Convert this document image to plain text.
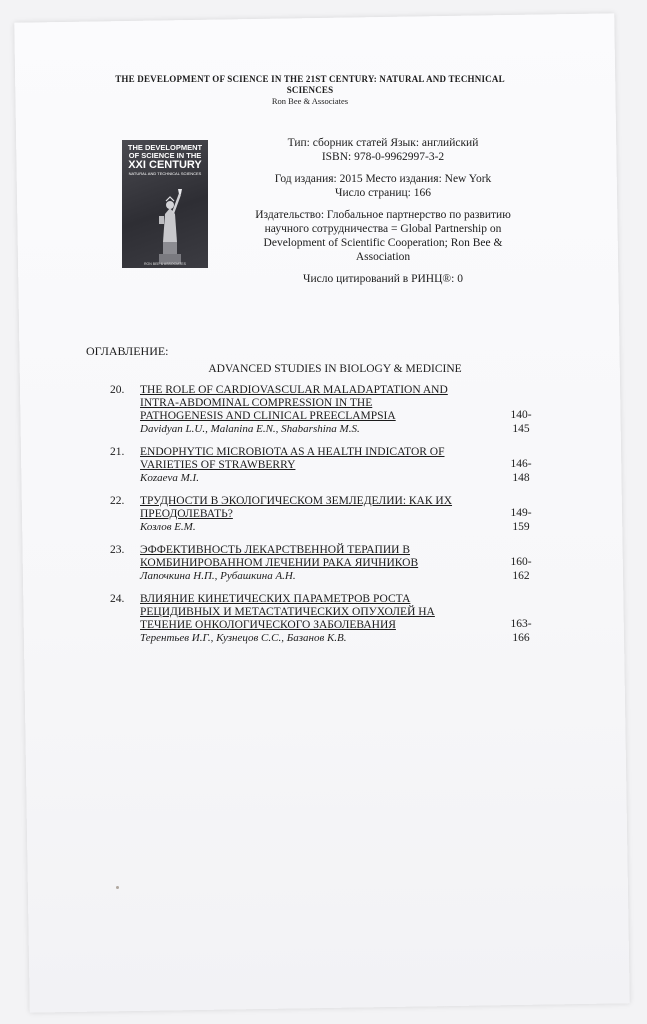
THE DEVELOPMENT OF SCIENCE IN THE 21ST CENTURY: NATURAL AND TECHNICAL
SCIENCES
Ron Bee & Associates
THE DEVELOPMENT
OF SCIENCE IN THE
XXI CENTURY
NATURAL AND TECHNICAL SCIENCES
RON BEE & ASSOCIATES
Тип: сборник статей Язык: английский
ISBN: 978-0-9962997-3-2
Год издания: 2015 Место издания: New York
Число страниц: 166
Издательство: Глобальное партнерство по развитию
научного сотрудничества = Global Partnership on
Development of Scientific Cooperation; Ron Bee &
Association
Число цитирований в РИНЦ®: 0
ОГЛАВЛЕНИЕ:
ADVANCED STUDIES IN BIOLOGY & MEDICINE
20. THE ROLE OF CARDIOVASCULAR MALADAPTATION AND
INTRA-ABDOMINAL COMPRESSION IN THE
PATHOGENESIS AND CLINICAL PREECLAMPSIA
Davidyan L.U., Malanina E.N., Shabarshina M.S.
140-
145
21. ENDOPHYTIC MICROBIOTA AS A HEALTH INDICATOR OF
VARIETIES OF STRAWBERRY
Kozaeva M.I.
146-
148
22. ТРУДНОСТИ В ЭКОЛОГИЧЕСКОМ ЗЕМЛЕДЕЛИИ: КАК ИХ
ПРЕОДОЛЕВАТЬ?
Козлов Е.М.
149-
159
23. ЭФФЕКТИВНОСТЬ ЛЕКАРСТВЕННОЙ ТЕРАПИИ В
КОМБИНИРОВАННОМ ЛЕЧЕНИИ РАКА ЯИЧНИКОВ
Лапочкина Н.П., Рубашкина А.Н.
160-
162
24. ВЛИЯНИЕ КИНЕТИЧЕСКИХ ПАРАМЕТРОВ РОСТА
РЕЦИДИВНЫХ И МЕТАСТАТИЧЕСКИХ ОПУХОЛЕЙ НА
ТЕЧЕНИЕ ОНКОЛОГИЧЕСКОГО ЗАБОЛЕВАНИЯ
Терентьев И.Г., Кузнецов С.С., Базанов К.В.
163-
166
